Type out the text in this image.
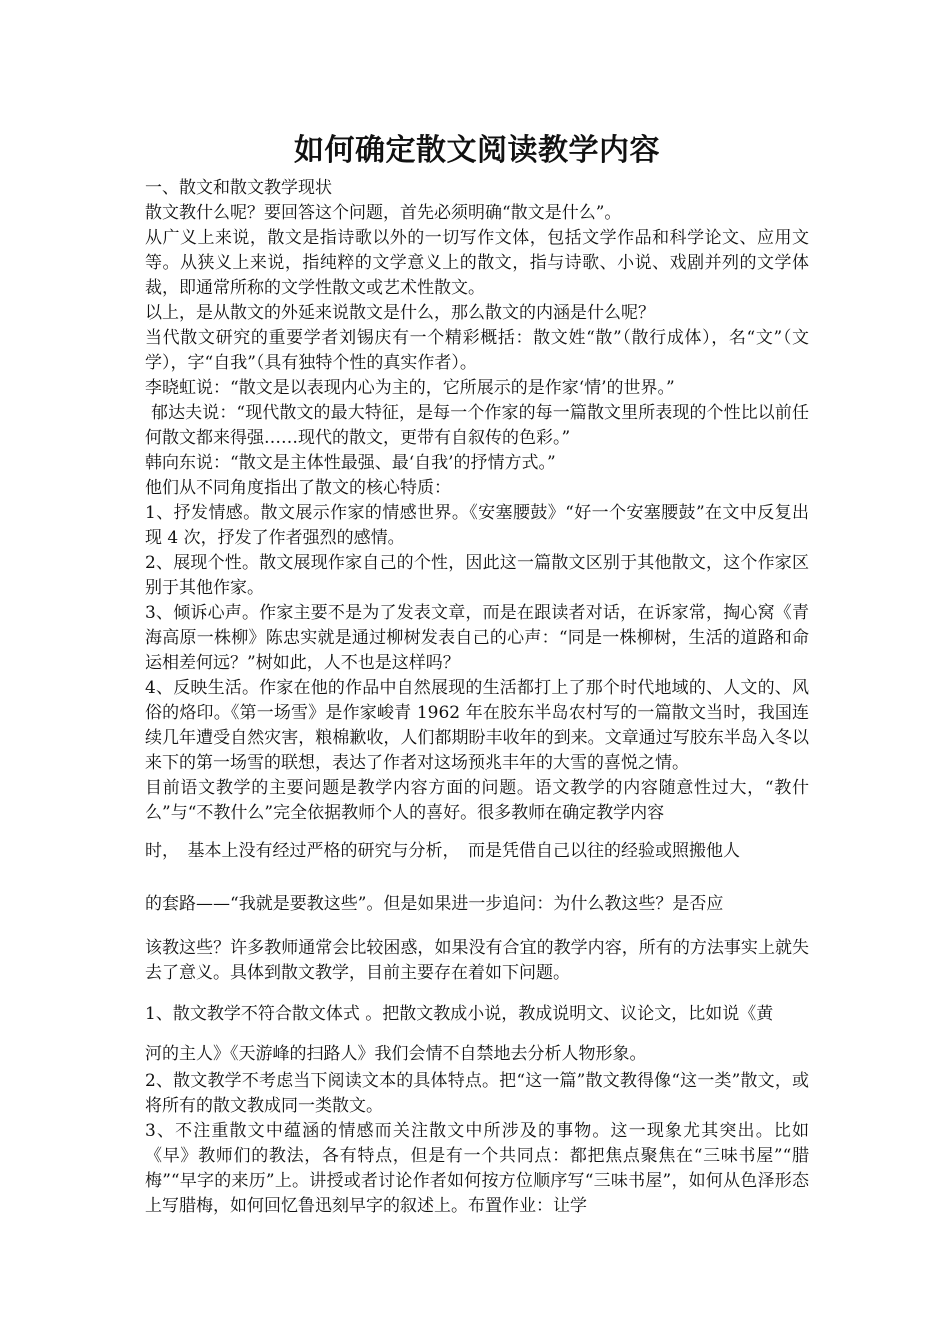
如何确定散文阅读教学内容

一、散文和散文教学现状

散文教什么呢？要回答这个问题，首先必须明确“散文是什么”。

从广义上来说，散文是指诗歌以外的一切写作文体，包括文学作品和科学论文、应用文等。从狭义上来说，指纯粹的文学意义上的散文，指与诗歌、小说、戏剧并列的文学体裁，即通常所称的文学性散文或艺术性散文。

以上，是从散文的外延来说散文是什么，那么散文的内涵是什么呢？

当代散文研究的重要学者刘锡庆有一个精彩概括：散文姓“散”（散行成体），名“文”（文学），字“自我”（具有独特个性的真实作者）。

李晓虹说：“散文是以表现内心为主的，它所展示的是作家‘情’的世界。”

郁达夫说：“现代散文的最大特征，是每一个作家的每一篇散文里所表现的个性比以前任何散文都来得强……现代的散文，更带有自叙传的色彩。”

韩向东说：“散文是主体性最强、最‘自我’的抒情方式。”

他们从不同角度指出了散文的核心特质：

1、抒发情感。散文展示作家的情感世界。《安塞腰鼓》“好一个安塞腰鼓”在文中反复出现 4 次，抒发了作者强烈的感情。

2、展现个性。散文展现作家自己的个性，因此这一篇散文区别于其他散文，这个作家区别于其他作家。

3、倾诉心声。作家主要不是为了发表文章，而是在跟读者对话，在诉家常，掏心窝《青海高原一株柳》陈忠实就是通过柳树发表自己的心声：“同是一株柳树，生活的道路和命运相差何远？”树如此，人不也是这样吗？

4、反映生活。作家在他的作品中自然展现的生活都打上了那个时代地域的、人文的、风俗的烙印。《第一场雪》是作家峻青 1962 年在胶东半岛农村写的一篇散文当时，我国连续几年遭受自然灾害，粮棉歉收，人们都期盼丰收年的到来。文章通过写胶东半岛入冬以来下的第一场雪的联想，表达了作者对这场预兆丰年的大雪的喜悦之情。

目前语文教学的主要问题是教学内容方面的问题。语文教学的内容随意性过大，“教什么”与“不教什么”完全依据教师个人的喜好。很多教师在确定教学内容

时，　基本上没有经过严格的研究与分析，　而是凭借自己以往的经验或照搬他人

的套路——“我就是要教这些”。但是如果进一步追问：为什么教这些？是否应

该教这些？许多教师通常会比较困惑，如果没有合宜的教学内容，所有的方法事实上就失去了意义。具体到散文教学，目前主要存在着如下问题。

1、散文教学不符合散文体式 。把散文教成小说，教成说明文、议论文，比如说《黄

河的主人》《天游峰的扫路人》我们会情不自禁地去分析人物形象。

2、散文教学不考虑当下阅读文本的具体特点。把“这一篇”散文教得像“这一类”散文，或将所有的散文教成同一类散文。

3、不注重散文中蕴涵的情感而关注散文中所涉及的事物。这一现象尤其突出。比如《早》教师们的教法，各有特点，但是有一个共同点：都把焦点聚焦在“三味书屋”“腊梅”“早字的来历”上。讲授或者讨论作者如何按方位顺序写“三味书屋”，如何从色泽形态上写腊梅，如何回忆鲁迅刻早字的叙述上。布置作业：让学
